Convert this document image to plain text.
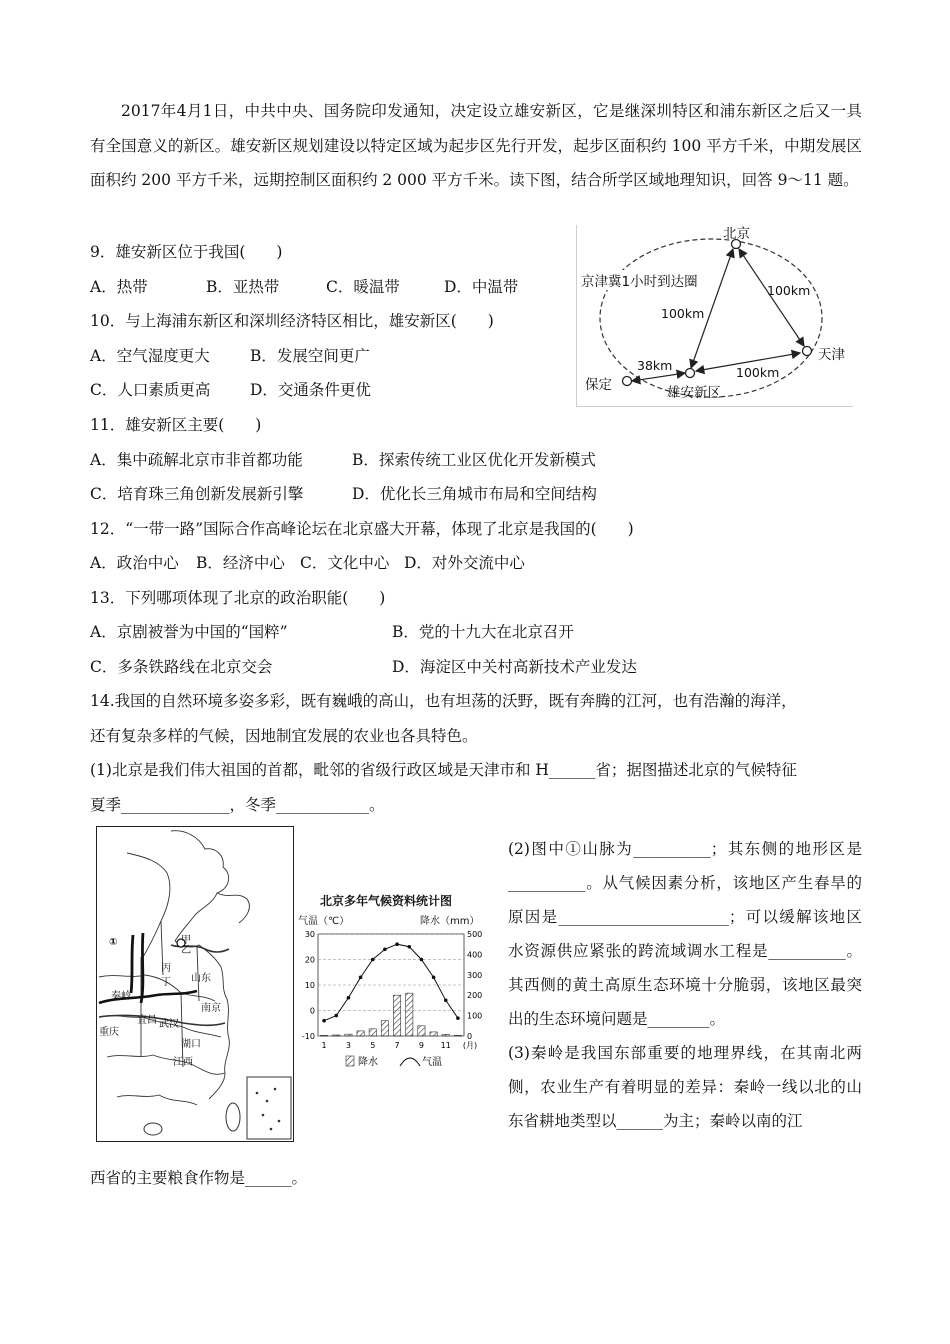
2017年4月1日，中共中央、国务院印发通知，决定设立雄安新区，它是继深圳特区和浦东新区之后又一具有全国意义的新区。雄安新区规划建设以特定区域为起步区先行开发，起步区面积约 100 平方千米，中期发展区面积约 200 平方千米，远期控制区面积约 2 000 平方千米。读下图，结合所学区域地理知识，回答 9～11 题。

9．雄安新区位于我国(　　)
A．热带	B．亚热带	C．暖温带	D．中温带
10．与上海浦东新区和深圳经济特区相比，雄安新区(　　)
A．空气湿度更大	B．发展空间更广
C．人口素质更高	D．交通条件更优
11．雄安新区主要(　　)
A．集中疏解北京市非首都功能	B．探索传统工业区优化开发新模式
C．培育珠三角创新发展新引擎	D．优化长三角城市布局和空间结构
12．“一带一路”国际合作高峰论坛在北京盛大开幕，体现了北京是我国的(　　)
A．政治中心 B．经济中心 C．文化中心 D．对外交流中心
13．下列哪项体现了北京的政治职能(　　)
A．京剧被誉为中国的“国粹”	B．党的十九大在北京召开
C．多条铁路线在北京交会	D．海淀区中关村高新技术产业发达
14.我国的自然环境多姿多彩，既有巍峨的高山，也有坦荡的沃野，既有奔腾的江河，也有浩瀚的海洋，
还有复杂多样的气候，因地制宜发展的农业也各具特色。
(1)北京是我们伟大祖国的首都，毗邻的省级行政区域是天津市和 H______省；据图描述北京的气候特征
夏季______________，冬季____________。
北京
京津冀1小时到达圈
100km
100km
天津
38km	100km
保定	雄安新区
甲
乙
丙
丁
①
秦岭
山东
南京
重庆
宜昌 武汉
湖口
江西
北京多年气候资料统计图
气温（℃）	降水（mm）
30
20
10
0
-10
500
400
300
200
100
0
1 3 5 7 9 11 (月)
降水	气温
(2)图中①山脉为__________；其东侧的地形区是__________。从气候因素分析，该地区产生春旱的原因是______________________；可以缓解该地区水资源供应紧张的跨流域调水工程是__________。其西侧的黄土高原生态环境十分脆弱，该地区最突出的生态环境问题是________。
(3)秦岭是我国东部重要的地理界线，在其南北两侧，农业生产有着明显的差异：秦岭一线以北的山东省耕地类型以______为主；秦岭以南的江
西省的主要粮食作物是______。
